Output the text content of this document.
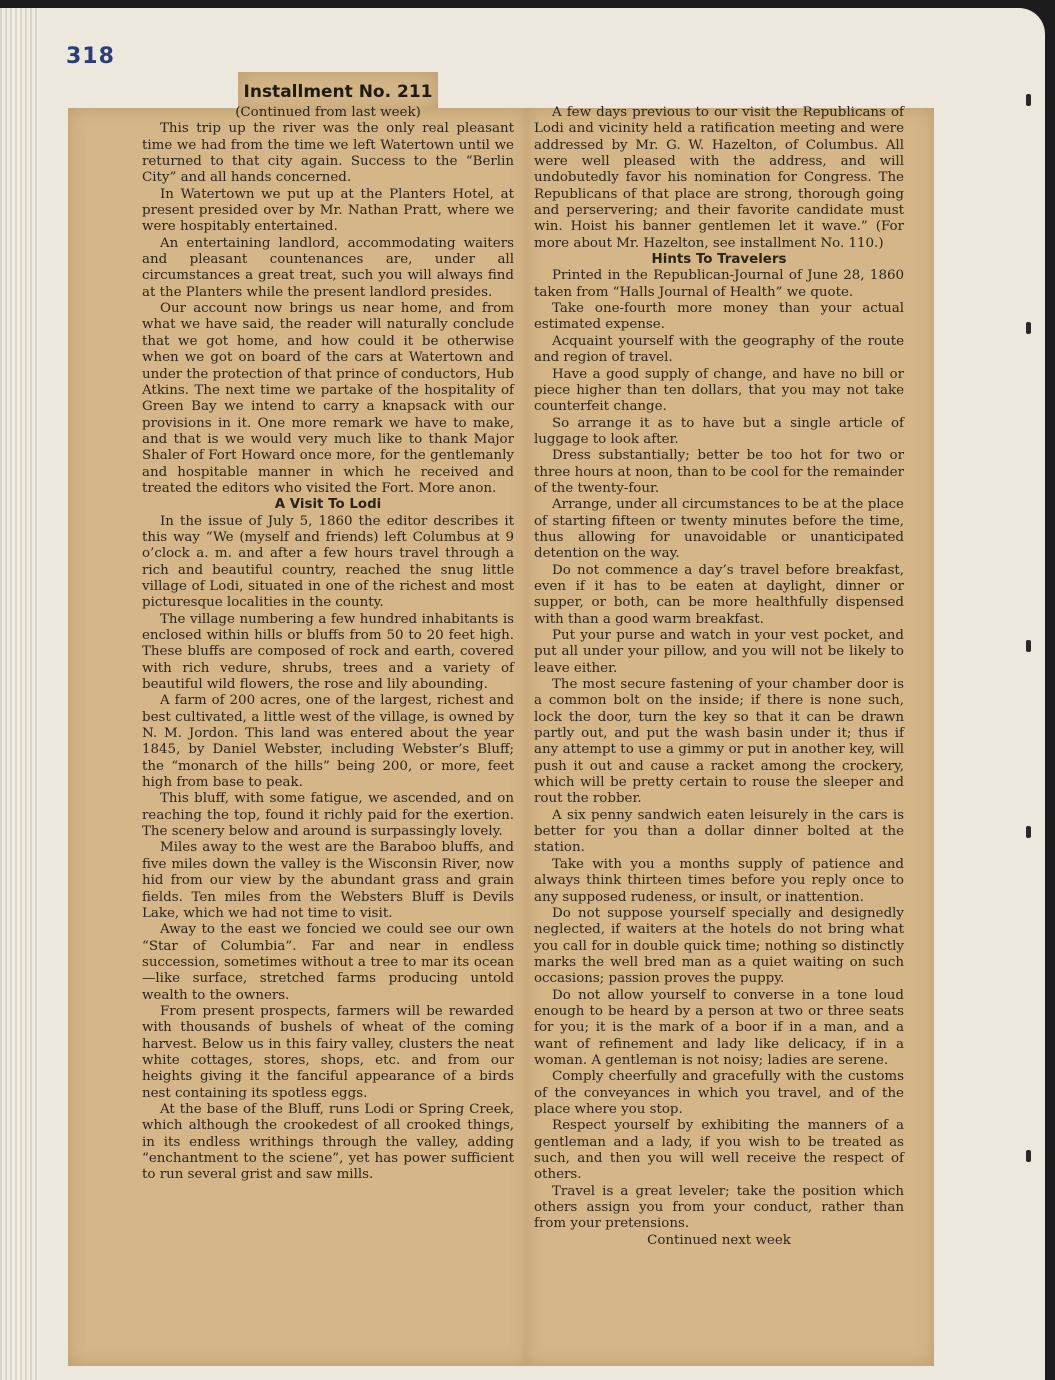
318
Installment No. 211

(Continued from last week)

This trip up the river was the only real pleasant time we had from the time we left Watertown until we returned to that city again. Success to the “Berlin City” and all hands concerned.

In Watertown we put up at the Planters Hotel, at present presided over by Mr. Nathan Pratt, where we were hospitably entertained.

An entertaining landlord, accommodating waiters and pleasant countenances are, under all circumstances a great treat, such you will always find at the Planters while the present landlord presides.

Our account now brings us near home, and from what we have said, the reader will naturally conclude that we got home, and how could it be otherwise when we got on board of the cars at Watertown and under the protection of that prince of conductors, Hub Atkins. The next time we partake of the hospitality of Green Bay we intend to carry a knapsack with our provisions in it. One more remark we have to make, and that is we would very much like to thank Major Shaler of Fort Howard once more, for the gentlemanly and hospitable manner in which he received and treated the editors who visited the Fort. More anon.

A Visit To Lodi

In the issue of July 5, 1860 the editor describes it this way “We (myself and friends) left Columbus at 9 o’clock a. m. and after a few hours travel through a rich and beautiful country, reached the snug little village of Lodi, situated in one of the richest and most picturesque localities in the county.

The village numbering a few hundred inhabitants is enclosed within hills or bluffs from 50 to 20 feet high. These bluffs are composed of rock and earth, covered with rich vedure, shrubs, trees and a variety of beautiful wild flowers, the rose and lily abounding.

A farm of 200 acres, one of the largest, richest and best cultivated, a little west of the village, is owned by N. M. Jordon. This land was entered about the year 1845, by Daniel Webster, including Webster’s Bluff; the “monarch of the hills” being 200, or more, feet high from base to peak.

This bluff, with some fatigue, we ascended, and on reaching the top, found it richly paid for the exertion. The scenery below and around is surpassingly lovely.

Miles away to the west are the Baraboo bluffs, and five miles down the valley is the Wisconsin River, now hid from our view by the abundant grass and grain fields. Ten miles from the Websters Bluff is Devils Lake, which we had not time to visit.

Away to the east we foncied we could see our own “Star of Columbia”. Far and near in endless succession, sometimes without a tree to mar its ocean—like surface, stretched farms producing untold wealth to the owners.

From present prospects, farmers will be rewarded with thousands of bushels of wheat of the coming harvest. Below us in this fairy valley, clusters the neat white cottages, stores, shops, etc. and from our heights giving it the fanciful appearance of a birds nest containing its spotless eggs.

At the base of the Bluff, runs Lodi or Spring Creek, which although the crookedest of all crooked things, in its endless writhings through the valley, adding “enchantment to the sciene”, yet has power sufficient to run several grist and saw mills.

A few days previous to our visit the Republicans of Lodi and vicinity held a ratification meeting and were addressed by Mr. G. W. Hazelton, of Columbus. All were well pleased with the address, and will undobutedly favor his nomination for Congress. The Republicans of that place are strong, thorough going and perservering; and their favorite candidate must win. Hoist his banner gentlemen let it wave.” (For more about Mr. Hazelton, see installment No. 110.)

Hints To Travelers

Printed in the Republican-Journal of June 28, 1860 taken from “Halls Journal of Health” we quote.

Take one-fourth more money than your actual estimated expense.

Acquaint yourself with the geography of the route and region of travel.

Have a good supply of change, and have no bill or piece higher than ten dollars, that you may not take counterfeit change.

So arrange it as to have but a single article of luggage to look after.

Dress substantially; better be too hot for two or three hours at noon, than to be cool for the remainder of the twenty-four.

Arrange, under all circumstances to be at the place of starting fifteen or twenty minutes before the time, thus allowing for unavoidable or unanticipated detention on the way.

Do not commence a day’s travel before breakfast, even if it has to be eaten at daylight, dinner or supper, or both, can be more healthfully dispensed with than a good warm breakfast.

Put your purse and watch in your vest pocket, and put all under your pillow, and you will not be likely to leave either.

The most secure fastening of your chamber door is a common bolt on the inside; if there is none such, lock the door, turn the key so that it can be drawn partly out, and put the wash basin under it; thus if any attempt to use a gimmy or put in another key, will push it out and cause a racket among the crockery, which will be pretty certain to rouse the sleeper and rout the robber.

A six penny sandwich eaten leisurely in the cars is better for you than a dollar dinner bolted at the station.

Take with you a months supply of patience and always think thirteen times before you reply once to any supposed rudeness, or insult, or inattention.

Do not suppose yourself specially and designedly neglected, if waiters at the hotels do not bring what you call for in double quick time; nothing so distinctly marks the well bred man as a quiet waiting on such occasions; passion proves the puppy.

Do not allow yourself to converse in a tone loud enough to be heard by a person at two or three seats for you; it is the mark of a boor if in a man, and a want of refinement and lady like delicacy, if in a woman. A gentleman is not noisy; ladies are serene.

Comply cheerfully and gracefully with the customs of the conveyances in which you travel, and of the place where you stop.

Respect yourself by exhibiting the manners of a gentleman and a lady, if you wish to be treated as such, and then you will well receive the respect of others.

Travel is a great leveler; take the position which others assign you from your conduct, rather than from your pretensions.

Continued next week
